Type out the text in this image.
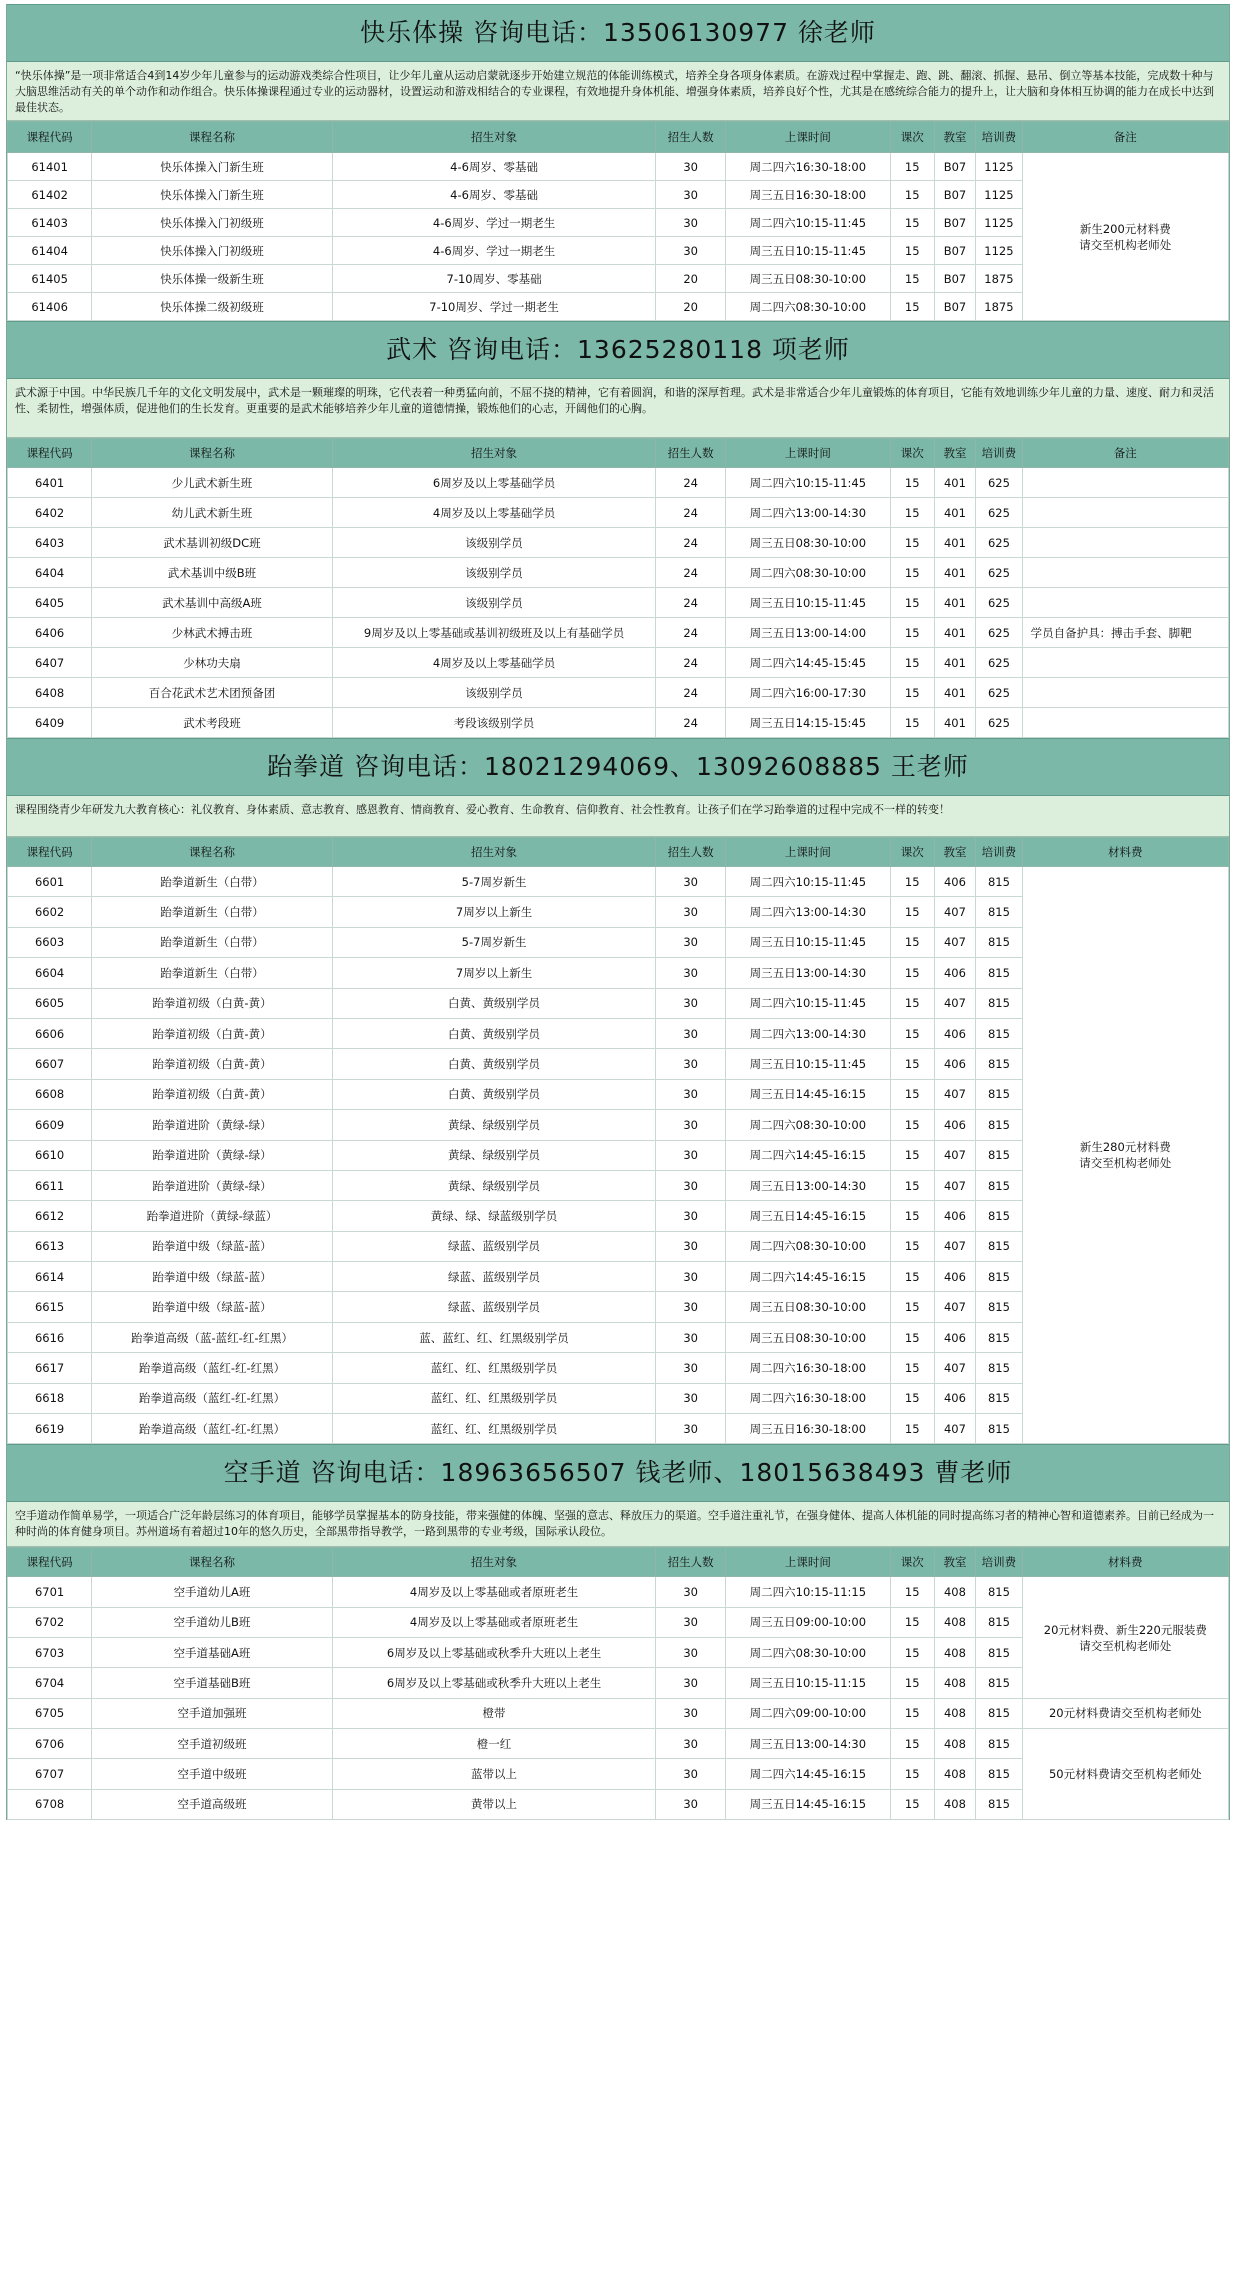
快乐体操 咨询电话：13506130977 徐老师
“快乐体操”是一项非常适合4到14岁少年儿童参与的运动游戏类综合性项目，让少年儿童从运动启蒙就逐步开始建立规范的体能训练模式，培养全身各项身体素质。在游戏过程中掌握走、跑、跳、翻滚、抓握、悬吊、倒立等基本技能，完成数十种与大脑思维活动有关的单个动作和动作组合。快乐体操课程通过专业的运动器材，设置运动和游戏相结合的专业课程，有效地提升身体机能、增强身体素质，培养良好个性，尤其是在感统综合能力的提升上，让大脑和身体相互协调的能力在成长中达到最佳状态。
课程代码	课程名称	招生对象	招生人数	上课时间	课次	教室	培训费	备注
61401	快乐体操入门新生班	4-6周岁、零基础	30	周二四六16:30-18:00	15	B07	1125	新生200元材料费
请交至机构老师处
61402	快乐体操入门新生班	4-6周岁、零基础	30	周三五日16:30-18:00	15	B07	1125	
61403	快乐体操入门初级班	4-6周岁、学过一期老生	30	周二四六10:15-11:45	15	B07	1125	
61404	快乐体操入门初级班	4-6周岁、学过一期老生	30	周三五日10:15-11:45	15	B07	1125	
61405	快乐体操一级新生班	7-10周岁、零基础	20	周三五日08:30-10:00	15	B07	1875	
61406	快乐体操二级初级班	7-10周岁、学过一期老生	20	周二四六08:30-10:00	15	B07	1875	
武术 咨询电话：13625280118 项老师
武术源于中国。中华民族几千年的文化文明发展中，武术是一颗璀璨的明珠，它代表着一种勇猛向前，不屈不挠的精神，它有着圆润，和谐的深厚哲理。武术是非常适合少年儿童锻炼的体育项目，它能有效地训练少年儿童的力量、速度、耐力和灵活性、柔韧性，增强体质，促进他们的生长发育。更重要的是武术能够培养少年儿童的道德情操，锻炼他们的心志，开阔他们的心胸。
课程代码	课程名称	招生对象	招生人数	上课时间	课次	教室	培训费	备注
6401	少儿武术新生班	6周岁及以上零基础学员	24	周二四六10:15-11:45	15	401	625	
6402	幼儿武术新生班	4周岁及以上零基础学员	24	周二四六13:00-14:30	15	401	625	
6403	武术基训初级DC班	该级别学员	24	周三五日08:30-10:00	15	401	625	
6404	武术基训中级B班	该级别学员	24	周二四六08:30-10:00	15	401	625	
6405	武术基训中高级A班	该级别学员	24	周三五日10:15-11:45	15	401	625	
6406	少林武术搏击班	9周岁及以上零基础或基训初级班及以上有基础学员	24	周三五日13:00-14:00	15	401	625	学员自备护具：搏击手套、脚靶
6407	少林功夫扇	4周岁及以上零基础学员	24	周二四六14:45-15:45	15	401	625	
6408	百合花武术艺术团预备团	该级别学员	24	周二四六16:00-17:30	15	401	625	
6409	武术考段班	考段该级别学员	24	周三五日14:15-15:45	15	401	625	
跆拳道 咨询电话：18021294069、13092608885 王老师
课程围绕青少年研发九大教育核心：礼仪教育、身体素质、意志教育、感恩教育、情商教育、爱心教育、生命教育、信仰教育、社会性教育。让孩子们在学习跆拳道的过程中完成不一样的转变！
课程代码	课程名称	招生对象	招生人数	上课时间	课次	教室	培训费	材料费
6601	跆拳道新生（白带）	5-7周岁新生	30	周二四六10:15-11:45	15	406	815	新生280元材料费
请交至机构老师处
6602	跆拳道新生（白带）	7周岁以上新生	30	周二四六13:00-14:30	15	407	815	
6603	跆拳道新生（白带）	5-7周岁新生	30	周三五日10:15-11:45	15	407	815	
6604	跆拳道新生（白带）	7周岁以上新生	30	周三五日13:00-14:30	15	406	815	
6605	跆拳道初级（白黄-黄）	白黄、黄级别学员	30	周二四六10:15-11:45	15	407	815	
6606	跆拳道初级（白黄-黄）	白黄、黄级别学员	30	周二四六13:00-14:30	15	406	815	
6607	跆拳道初级（白黄-黄）	白黄、黄级别学员	30	周三五日10:15-11:45	15	406	815	
6608	跆拳道初级（白黄-黄）	白黄、黄级别学员	30	周三五日14:45-16:15	15	407	815	
6609	跆拳道进阶（黄绿-绿）	黄绿、绿级别学员	30	周二四六08:30-10:00	15	406	815	
6610	跆拳道进阶（黄绿-绿）	黄绿、绿级别学员	30	周二四六14:45-16:15	15	407	815	
6611	跆拳道进阶（黄绿-绿）	黄绿、绿级别学员	30	周三五日13:00-14:30	15	407	815	
6612	跆拳道进阶（黄绿-绿蓝）	黄绿、绿、绿蓝级别学员	30	周三五日14:45-16:15	15	406	815	
6613	跆拳道中级（绿蓝-蓝）	绿蓝、蓝级别学员	30	周二四六08:30-10:00	15	407	815	
6614	跆拳道中级（绿蓝-蓝）	绿蓝、蓝级别学员	30	周二四六14:45-16:15	15	406	815	
6615	跆拳道中级（绿蓝-蓝）	绿蓝、蓝级别学员	30	周三五日08:30-10:00	15	407	815	
6616	跆拳道高级（蓝-蓝红-红-红黑）	蓝、蓝红、红、红黑级别学员	30	周三五日08:30-10:00	15	406	815	
6617	跆拳道高级（蓝红-红-红黑）	蓝红、红、红黑级别学员	30	周二四六16:30-18:00	15	407	815	
6618	跆拳道高级（蓝红-红-红黑）	蓝红、红、红黑级别学员	30	周二四六16:30-18:00	15	406	815	
6619	跆拳道高级（蓝红-红-红黑）	蓝红、红、红黑级别学员	30	周三五日16:30-18:00	15	407	815	
空手道 咨询电话：18963656507 钱老师、18015638493 曹老师
空手道动作简单易学，一项适合广泛年龄层练习的体育项目，能够学员掌握基本的防身技能，带来强健的体魄、坚强的意志、释放压力的渠道。空手道注重礼节，在强身健体、提高人体机能的同时提高练习者的精神心智和道德素养。目前已经成为一种时尚的体育健身项目。苏州道场有着超过10年的悠久历史，全部黑带指导教学，一路到黑带的专业考级，国际承认段位。
课程代码	课程名称	招生对象	招生人数	上课时间	课次	教室	培训费	材料费
6701	空手道幼儿A班	4周岁及以上零基础或者原班老生	30	周二四六10:15-11:15	15	408	815	20元材料费、新生220元服装费
请交至机构老师处
6702	空手道幼儿B班	4周岁及以上零基础或者原班老生	30	周三五日09:00-10:00	15	408	815	
6703	空手道基础A班	6周岁及以上零基础或秋季升大班以上老生	30	周二四六08:30-10:00	15	408	815	
6704	空手道基础B班	6周岁及以上零基础或秋季升大班以上老生	30	周三五日10:15-11:15	15	408	815	
6705	空手道加强班	橙带	30	周二四六09:00-10:00	15	408	815	20元材料费请交至机构老师处
6706	空手道初级班	橙一红	30	周三五日13:00-14:30	15	408	815	50元材料费请交至机构老师处
6707	空手道中级班	蓝带以上	30	周二四六14:45-16:15	15	408	815	
6708	空手道高级班	黄带以上	30	周三五日14:45-16:15	15	408	815	
